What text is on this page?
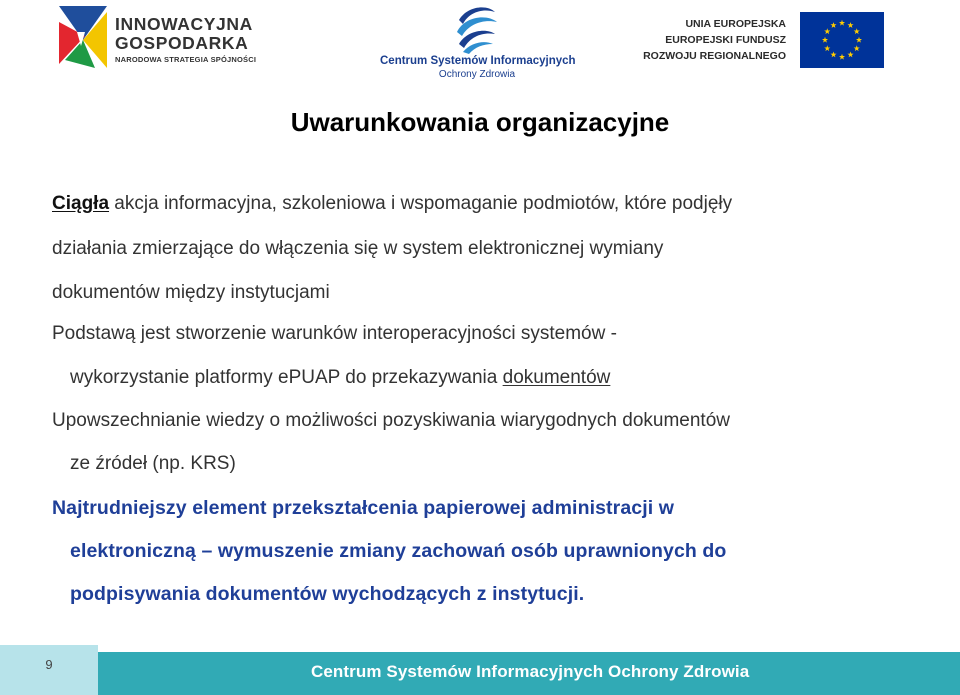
INNOWACYJNA
GOSPODARKA
NARODOWA STRATEGIA SPÓJNOŚCI	Centrum Systemów Informacyjnych
Ochrony Zdrowia
UNIA EUROPEJSKA
EUROPEJSKI FUNDUSZ
ROZWOJU REGIONALNEGO
Uwarunkowania organizacyjne
Ciągła akcja informacyjna, szkoleniowa i wspomaganie podmiotów, które podjęły
działania zmierzające do włączenia się w system elektronicznej wymiany
dokumentów między instytucjami
Podstawą jest stworzenie warunków interoperacyjności systemów -
wykorzystanie platformy ePUAP do przekazywania dokumentów
Upowszechnianie wiedzy o możliwości pozyskiwania wiarygodnych dokumentów
ze źródeł (np. KRS)
Najtrudniejszy element przekształcenia papierowej administracji w
elektroniczną – wymuszenie zmiany zachowań osób uprawnionych do
podpisywania dokumentów wychodzących z instytucji.
9	Centrum Systemów Informacyjnych Ochrony Zdrowia
